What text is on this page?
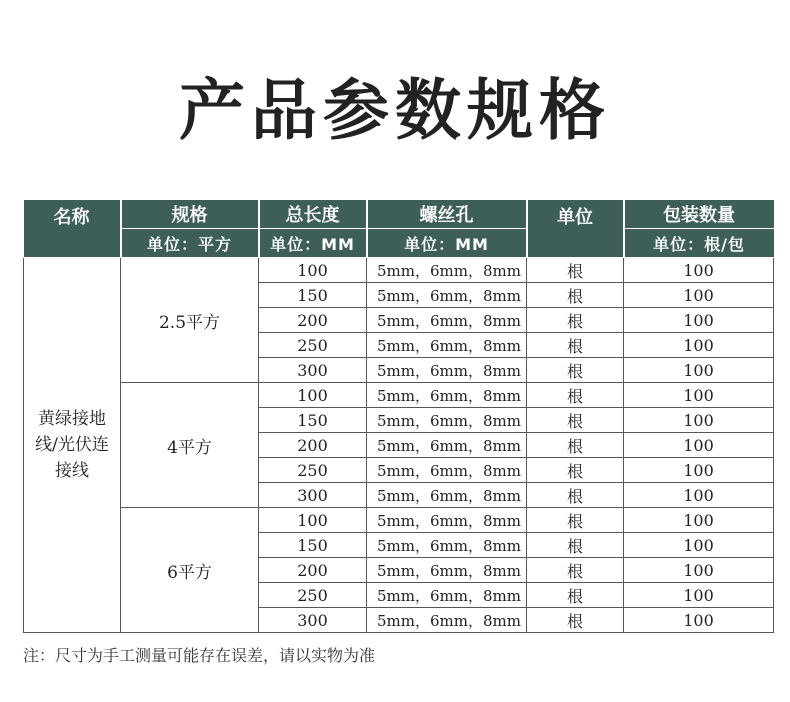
产品参数规格
名称	规格	总长度	螺丝孔	单位	包装数量
	单位：平方	单位：MM	单位：MM		单位：根/包
黄绿接地线/光伏连接线	2.5平方	100	5mm，6mm，8mm	根	100
		150	5mm，6mm，8mm	根	100
		200	5mm，6mm，8mm	根	100
		250	5mm，6mm，8mm	根	100
		300	5mm，6mm，8mm	根	100
	4平方	100	5mm，6mm，8mm	根	100
		150	5mm，6mm，8mm	根	100
		200	5mm，6mm，8mm	根	100
		250	5mm，6mm，8mm	根	100
		300	5mm，6mm，8mm	根	100
	6平方	100	5mm，6mm，8mm	根	100
		150	5mm，6mm，8mm	根	100
		200	5mm，6mm，8mm	根	100
		250	5mm，6mm，8mm	根	100
		300	5mm，6mm，8mm	根	100
注：尺寸为手工测量可能存在误差，请以实物为准
